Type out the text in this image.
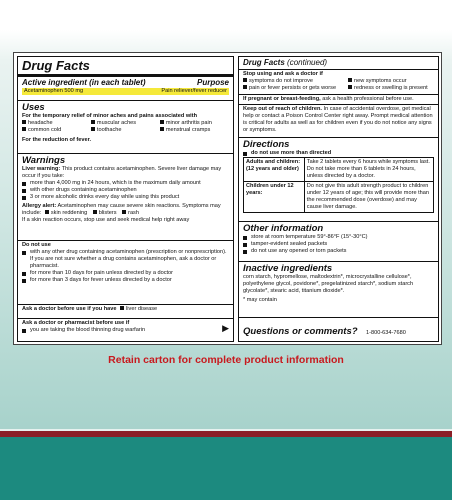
Drug Facts
Active ingredient (in each tablet)	Purpose
Acetaminophen 500 mg	Pain reliever/fever reducer
Uses
For the temporary relief of minor aches and pains associated with
headache	muscular aches	minor arthritis pain
common cold	toothache	menstrual cramps
For the reduction of fever.
Warnings
Liver warning: This product contains acetaminophen. Severe liver damage may occur if you take:
more than 4,000 mg in 24 hours, which is the maximum daily amount
with other drugs containing acetaminophen
3 or more alcoholic drinks every day while using this product
Allergy alert: Acetaminophen may cause severe skin reactions. Symptoms may include: skin reddening blisters rash
If a skin reaction occurs, stop use and seek medical help right away
Do not use
with any other drug containing acetaminophen (prescription or nonprescription). If you are not sure whether a drug contains acetaminophen, ask a doctor or pharmacist.
for more than 10 days for pain unless directed by a doctor
for more than 3 days for fever unless directed by a doctor
Ask a doctor before use if you have liver disease
Ask a doctor or pharmacist before use if
you are taking the blood thinning drug warfarin	▶
Drug Facts (continued)
Stop using and ask a doctor if
symptoms do not improve	new symptoms occur
pain or fever persists or gets worse	redness or swelling is present
If pregnant or breast-feeding, ask a health professional before use.
Keep out of reach of children. In case of accidental overdose, get medical help or contact a Poison Control Center right away. Prompt medical attention is critical for adults as well as for children even if you do not notice any signs or symptoms.
Directions
do not use more than directed
Adults and children: (12 years and older)	Take 2 tablets every 6 hours while symptoms last. Do not take more than 6 tablets in 24 hours, unless directed by a doctor.
Children under 12 years:	Do not give this adult strength product to children under 12 years of age; this will provide more than the recommended dose (overdose) and may cause liver damage.
Other information
store at room temperature 59°-86°F (15°-30°C)
tamper-evident sealed packets
do not use any opened or torn packets
Inactive ingredients
corn starch, hypromellose, maltodextrin*, microcrystalline cellulose*, polyethylene glycol, povidone*, pregelatinized starch*, sodium starch glycolate*, stearic acid, titanium dioxide*.
* may contain
Questions or comments? 1-800-634-7680
Retain carton for complete product information
